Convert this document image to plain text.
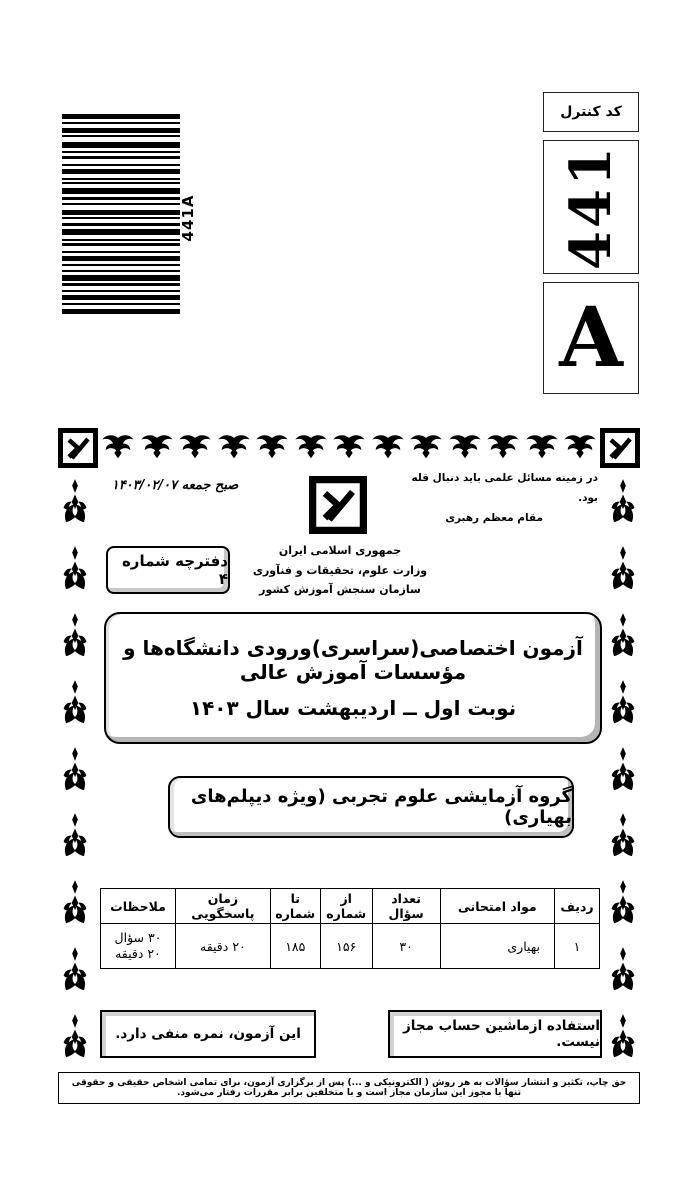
441A
کد کنترل
441
A
صبح جمعه ۱۴۰۳/۰۲/۰۷	در زمینه مسائل علمی باید دنبال قله بود.
مقام معظم رهبری
جمهوری اسلامی ایران
وزارت علوم، تحقیقات و فنآوری
سازمان سنجش آموزش کشور
دفترچه شماره ۴
آزمون اختصاصی(سراسری)ورودی دانشگاه‌ها و مؤسسات آموزش عالی
نوبت اول ــ اردیبهشت سال ۱۴۰۳
گروه آزمایشی علوم تجربی (ویژه دیپلم‌های بهیاری)
ردیف	مواد امتحانی	تعداد سؤال	از شماره	تا شماره	زمان پاسخگویی	ملاحظات
۱	بهیاری	۳۰	۱۵۶	۱۸۵	۲۰ دقیقه	۳۰ سؤال
۲۰ دقیقه
استفاده ازماشین حساب مجاز نیست.
این آزمون، نمره منفی دارد.
حق چاپ، تکثیر و انتشار سؤالات به هر روش ( الکترونیکی و ...) پس از برگزاری آزمون، برای تمامی اشخاص حقیقی و حقوقی تنها با مجوز این سازمان مجاز است و با متخلفین برابر مقررات رفتار می‌شود.
